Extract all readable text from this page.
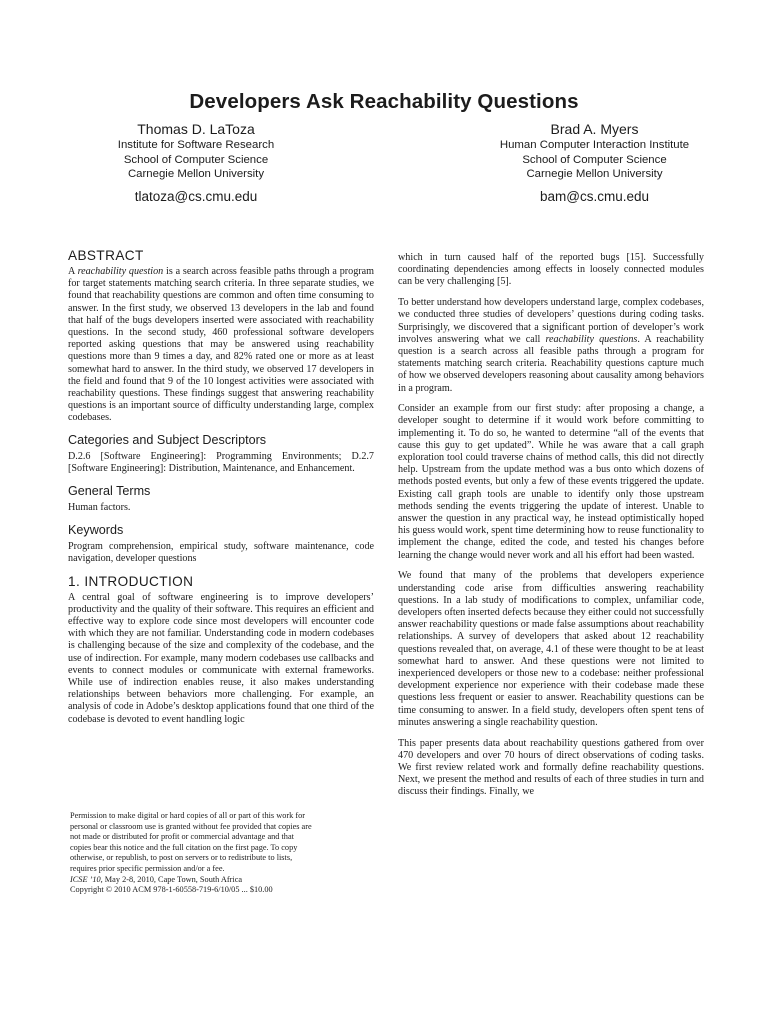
Developers Ask Reachability Questions
Thomas D. LaToza
Institute for Software Research
School of Computer Science
Carnegie Mellon University
tlatoza@cs.cmu.edu
Brad A. Myers
Human Computer Interaction Institute
School of Computer Science
Carnegie Mellon University
bam@cs.cmu.edu
ABSTRACT

A reachability question is a search across feasible paths through a program for target statements matching search criteria. In three separate studies, we found that reachability questions are common and often time consuming to answer. In the first study, we observed 13 developers in the lab and found that half of the bugs developers inserted were associated with reachability questions. In the second study, 460 professional software developers reported asking questions that may be answered using reachability questions more than 9 times a day, and 82% rated one or more as at least somewhat hard to answer. In the third study, we observed 17 developers in the field and found that 9 of the 10 longest activities were associated with reachability questions. These findings suggest that answering reachability questions is an important source of difficulty understanding large, complex codebases.

Categories and Subject Descriptors

D.2.6 [Software Engineering]: Programming Environments; D.2.7 [Software Engineering]: Distribution, Maintenance, and Enhancement.

General Terms

Human factors.

Keywords

Program comprehension, empirical study, software maintenance, code navigation, developer questions

1. INTRODUCTION

A central goal of software engineering is to improve developers’ productivity and the quality of their software. This requires an efficient and effective way to explore code since most developers will encounter code with which they are not familiar. Understanding code in modern codebases is challenging because of the size and complexity of the codebase, and the use of indirection. For example, many modern codebases use callbacks and events to connect modules or communicate with external frameworks. While use of indirection enables reuse, it also makes understanding relationships between behaviors more challenging. For example, an analysis of code in Adobe’s desktop applications found that one third of the codebase is devoted to event handling logic

Permission to make digital or hard copies of all or part of this work for
personal or classroom use is granted without fee provided that copies are
not made or distributed for profit or commercial advantage and that
copies bear this notice and the full citation on the first page. To copy
otherwise, or republish, to post on servers or to redistribute to lists,
requires prior specific permission and/or a fee.
ICSE ’10, May 2-8, 2010, Cape Town, South Africa
Copyright © 2010 ACM 978-1-60558-719-6/10/05 ... $10.00

which in turn caused half of the reported bugs [15]. Successfully coordinating dependencies among effects in loosely connected modules can be very challenging [5].

To better understand how developers understand large, complex codebases, we conducted three studies of developers’ questions during coding tasks. Surprisingly, we discovered that a significant portion of developer’s work involves answering what we call reachability questions. A reachability question is a search across all feasible paths through a program for statements matching search criteria. Reachability questions capture much of how we observed developers reasoning about causality among behaviors in a program.

Consider an example from our first study: after proposing a change, a developer sought to determine if it would work before committing to implementing it. To do so, he wanted to determine “all of the events that cause this guy to get updated”. While he was aware that a call graph exploration tool could traverse chains of method calls, this did not directly help. Upstream from the update method was a bus onto which dozens of methods posted events, but only a few of these events triggered the update. Existing call graph tools are unable to identify only those upstream methods sending the events triggering the update of interest. Unable to answer the question in any practical way, he instead optimistically hoped his guess would work, spent time determining how to reuse functionality to implement the change, edited the code, and tested his changes before learning the change would never work and all his effort had been wasted.

We found that many of the problems that developers experience understanding code arise from difficulties answering reachability questions. In a lab study of modifications to complex, unfamiliar code, developers often inserted defects because they either could not successfully answer reachability questions or made false assumptions about reachability relationships. A survey of developers that asked about 12 reachability questions revealed that, on average, 4.1 of these were thought to be at least somewhat hard to answer. And these questions were not limited to inexperienced developers or those new to a codebase: neither professional development experience nor experience with their codebase made these questions less frequent or easier to answer. Reachability questions can be time consuming to answer. In a field study, developers often spent tens of minutes answering a single reachability question.

This paper presents data about reachability questions gathered from over 470 developers and over 70 hours of direct observations of coding tasks. We first review related work and formally define reachability questions. Next, we present the method and results of each of three studies in turn and discuss their findings. Finally, we
